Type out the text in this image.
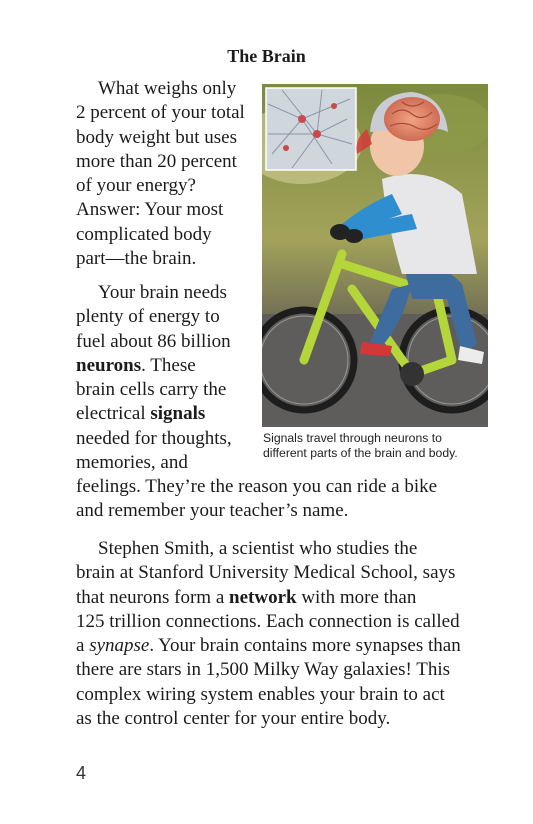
The Brain

What weighs only

2 percent of your total

body weight but uses

more than 20 percent

of your energy?

Answer: Your most

complicated body

part—the brain.

Your brain needs

plenty of energy to

fuel about 86 billion

neurons. These

brain cells carry the

electrical signals

needed for thoughts,

memories, and

feelings. They’re the reason you can ride a bike

and remember your teacher’s name.

Stephen Smith, a scientist who studies the

brain at Stanford University Medical School, says

that neurons form a network with more than

125 trillion connections. Each connection is called

a synapse. Your brain contains more synapses than

there are stars in 1,500 Milky Way galaxies! This

complex wiring system enables your brain to act

as the control center for your entire body.

Signals travel through neurons to
different parts of the brain and body.
4
